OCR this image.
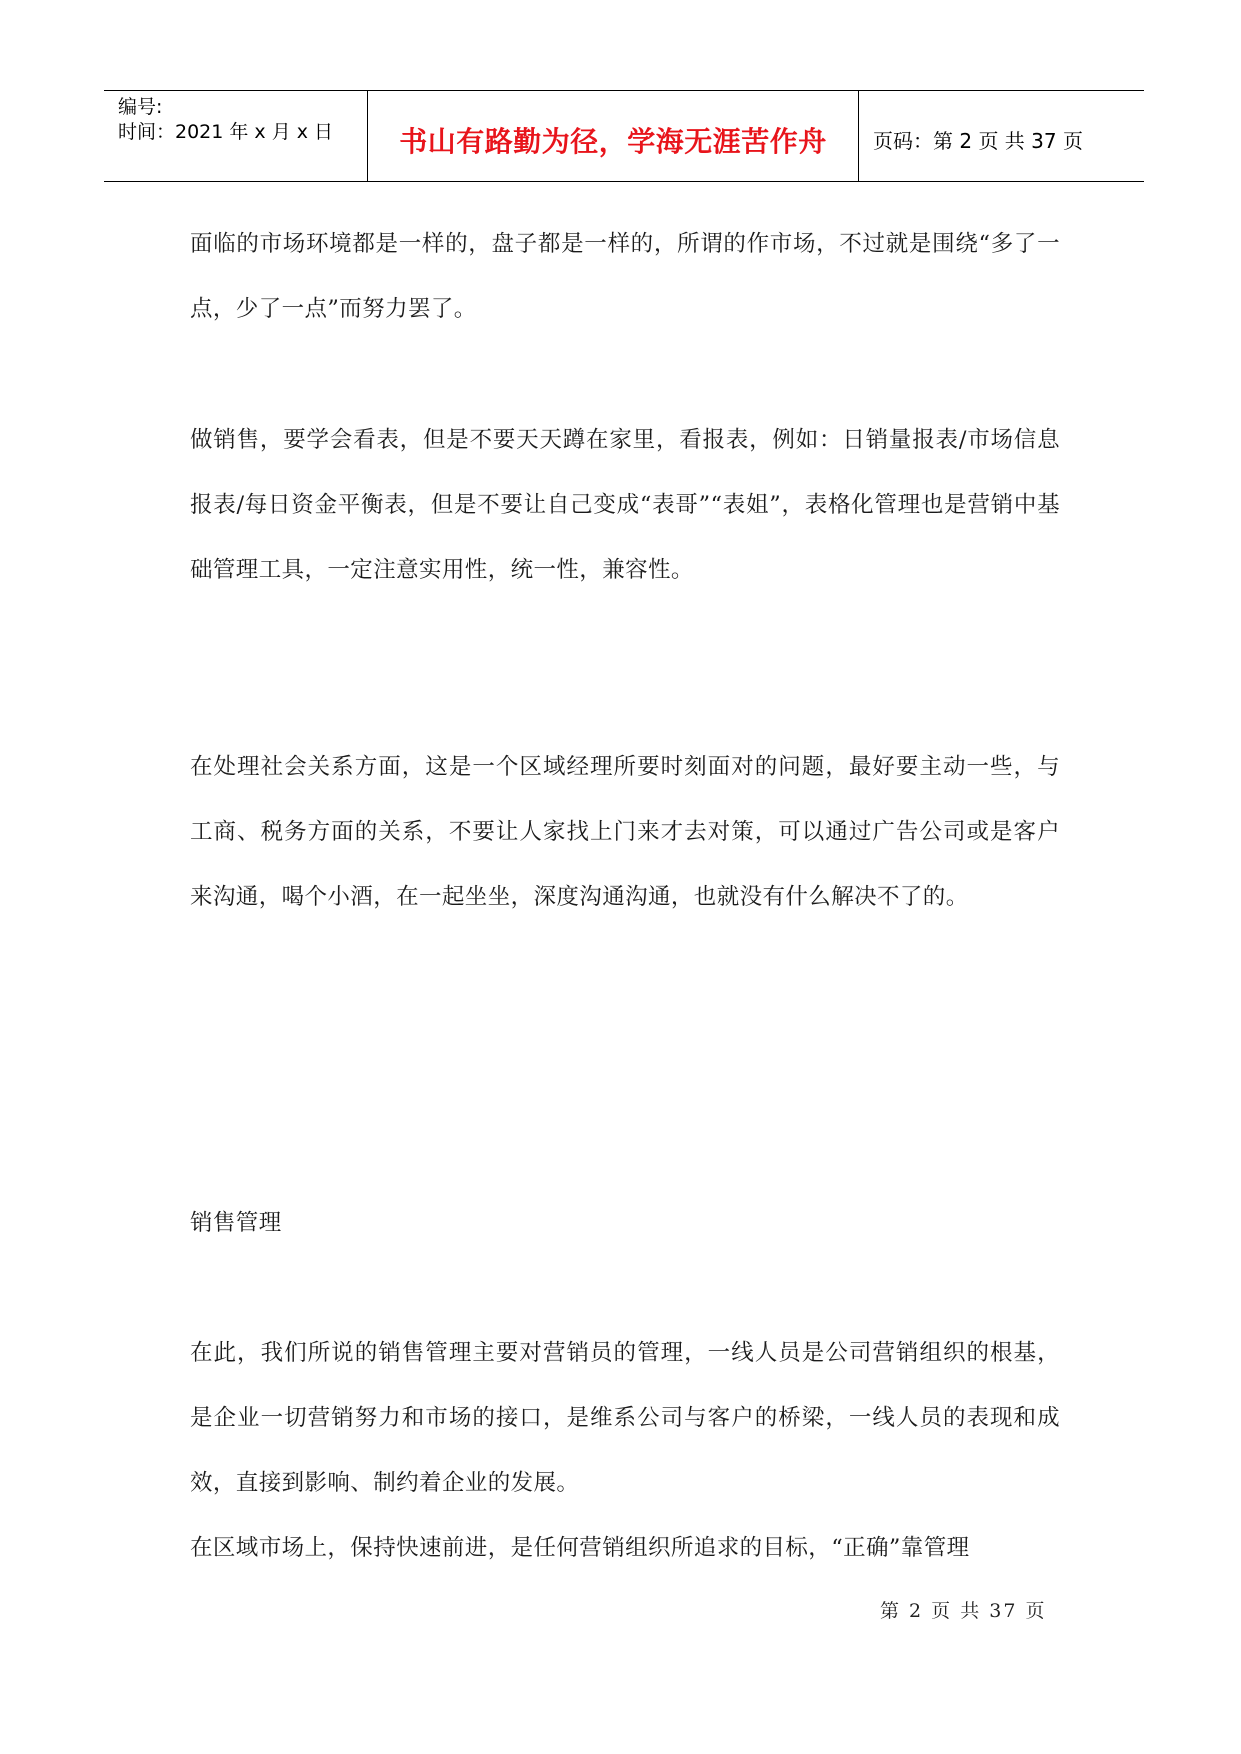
编号:
时间：2021 年 x 月 x 日	书山有路勤为径，学海无涯苦作舟 页码：第 2 页 共 37 页

面临的市场环境都是一样的，盘子都是一样的，所谓的作市场，不过就是围绕“多了一点，少了一点”而努力罢了。

做销售，要学会看表，但是不要天天蹲在家里，看报表，例如：日销量报表/市场信息报表/每日资金平衡表，但是不要让自己变成“表哥”“表姐”，表格化管理也是营销中基础管理工具，一定注意实用性，统一性，兼容性。

在处理社会关系方面，这是一个区域经理所要时刻面对的问题，最好要主动一些，与工商、税务方面的关系，不要让人家找上门来才去对策，可以通过广告公司或是客户来沟通，喝个小酒，在一起坐坐，深度沟通沟通，也就没有什么解决不了的。

销售管理

在此，我们所说的销售管理主要对营销员的管理，一线人员是公司营销组织的根基，是企业一切营销努力和市场的接口，是维系公司与客户的桥梁，一线人员的表现和成效，直接到影响、制约着企业的发展。

在区域市场上，保持快速前进，是任何营销组织所追求的目标，“正确”靠管理

第 2 页 共 37 页
